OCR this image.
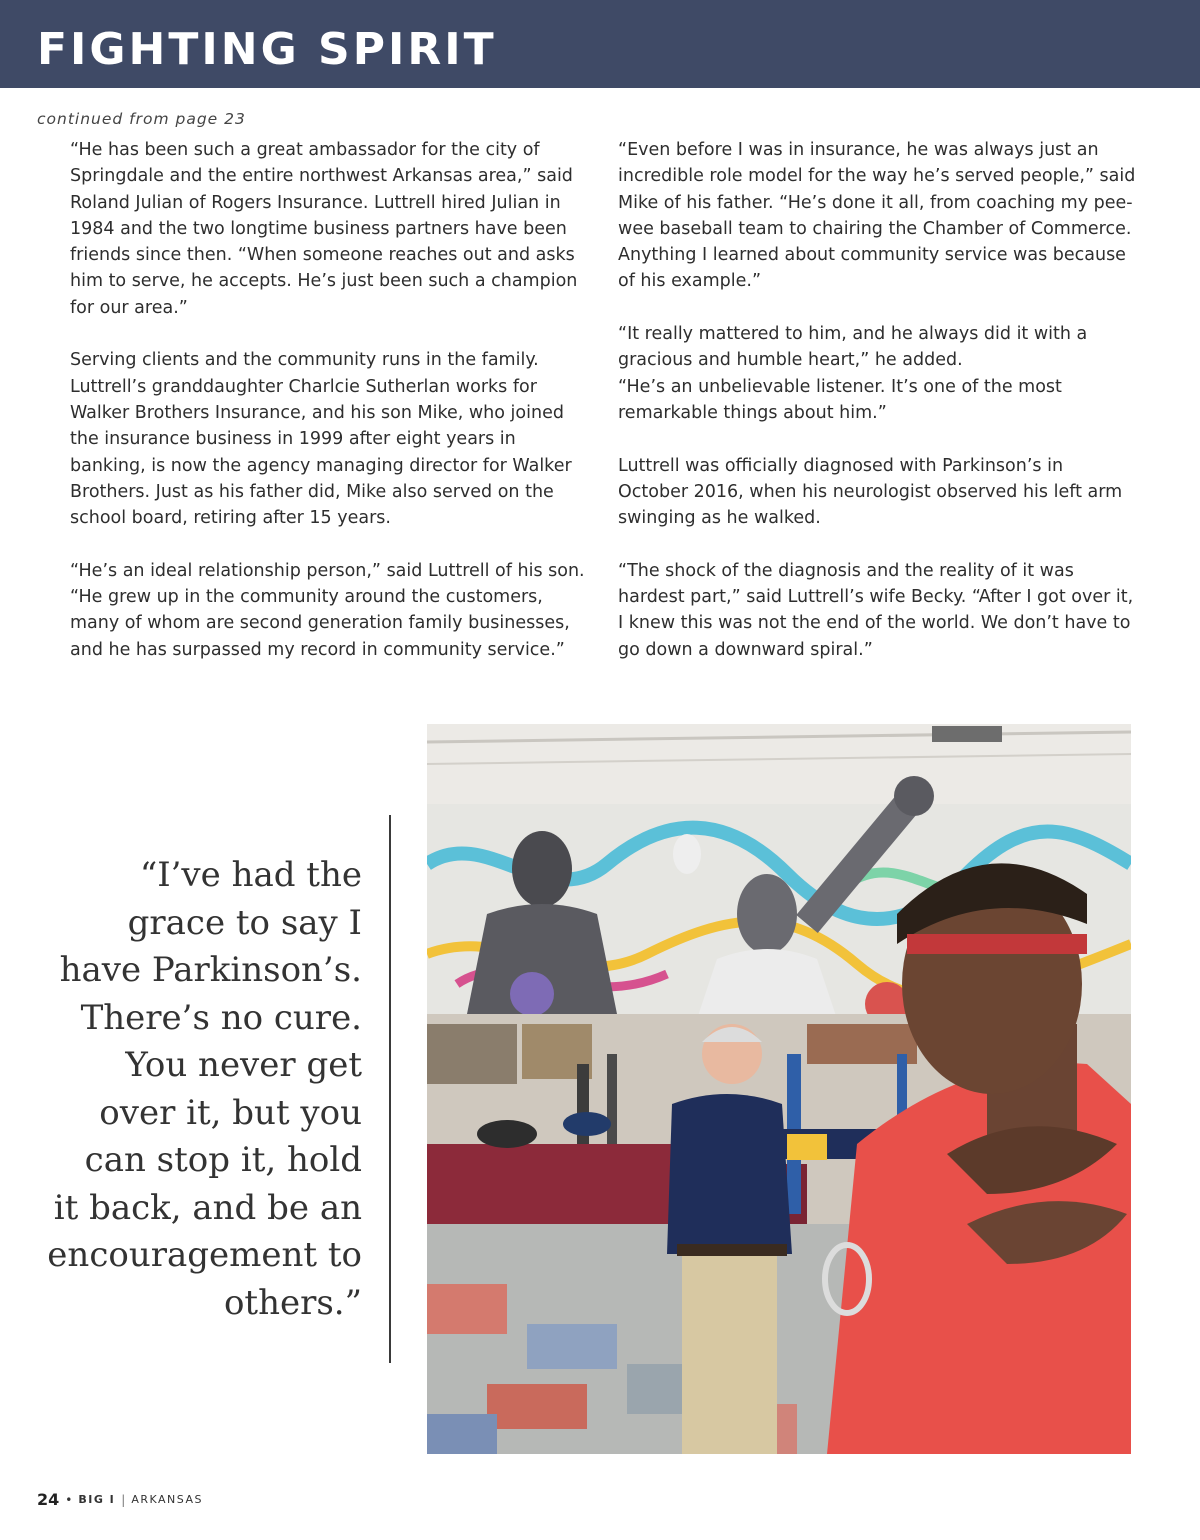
FIGHTING SPIRIT
continued from page 23

“He has been such a great ambassador for the city of Springdale and the entire northwest Arkansas area,” said Roland Julian of Rogers Insurance. Luttrell hired Julian in 1984 and the two longtime business partners have been friends since then. “When someone reaches out and asks him to serve, he accepts. He’s just been such a champion for our area.”

Serving clients and the community runs in the family. Luttrell’s granddaughter Charlcie Sutherlan works for Walker Brothers Insurance, and his son Mike, who joined the insurance business in 1999 after eight years in banking, is now the agency managing director for Walker Brothers. Just as his father did, Mike also served on the school board, retiring after 15 years.

“He’s an ideal relationship person,” said Luttrell of his son. “He grew up in the community around the customers, many of whom are second generation family businesses, and he has surpassed my record in community service.”

“Even before I was in insurance, he was always just an incredible role model for the way he’s served people,” said Mike of his father. “He’s done it all, from coaching my pee-wee baseball team to chairing the Chamber of Commerce. Anything I learned about community service was because of his example.”

“It really mattered to him, and he always did it with a gracious and humble heart,” he added.
“He’s an unbelievable listener. It’s one of the most remarkable things about him.”

Luttrell was officially diagnosed with Parkinson’s in October 2016, when his neurologist observed his left arm swinging as he walked.

“The shock of the diagnosis and the reality of it was hardest part,” said Luttrell’s wife Becky. “After I got over it, I knew this was not the end of the world. We don’t have to go down a downward spiral.”

“I’ve had the
grace to say I
have Parkinson’s.
There’s no cure.
You never get
over it, but you
can stop it, hold
it back, and be an
encouragement to
others.”
24 • BIG I | ARKANSAS
